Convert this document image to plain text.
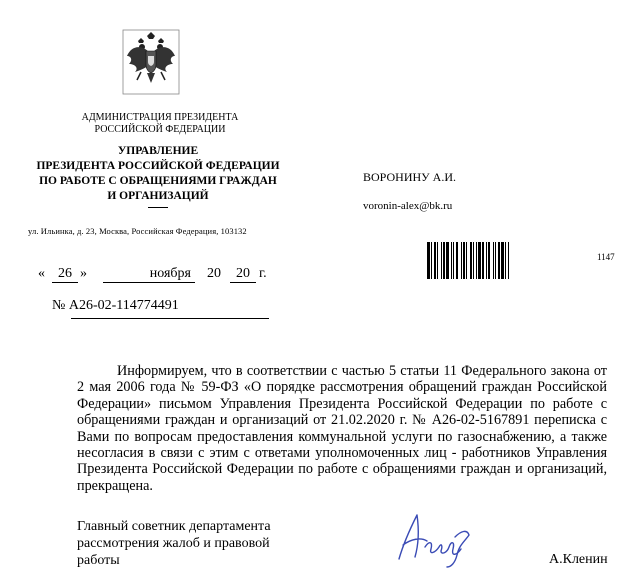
АДМИНИСТРАЦИЯ ПРЕЗИДЕНТА
РОССИЙСКОЙ ФЕДЕРАЦИИ
УПРАВЛЕНИЕ
ПРЕЗИДЕНТА РОССИЙСКОЙ ФЕДЕРАЦИИ
ПО РАБОТЕ С ОБРАЩЕНИЯМИ ГРАЖДАН
И ОРГАНИЗАЦИЙ
ул. Ильинка, д. 23, Москва, Российская Федерация, 103132
ВОРОНИНУ А.И.
voronin-alex@bk.ru
1147
« 26 »	ноября 20	20 г.
№ А26-02-114774491
Информируем, что в соответствии с частью 5 статьи 11 Федерального закона от 2 мая 2006 года № 59-ФЗ «О порядке рассмотрения обращений граждан Российской Федерации» письмом Управления Президента Российской Федерации по работе с обращениями граждан и организаций от 21.02.2020 г. № А26-02-5167891 переписка с Вами по вопросам предоставления коммунальной услуги по газоснабжению, а также несогласия в связи с этим с ответами уполномоченных лиц - работников Управления Президента Российской Федерации по работе с обращениями граждан и организаций, прекращена.
Главный советник департамента
рассмотрения жалоб и правовой
работы	А.Кленин
